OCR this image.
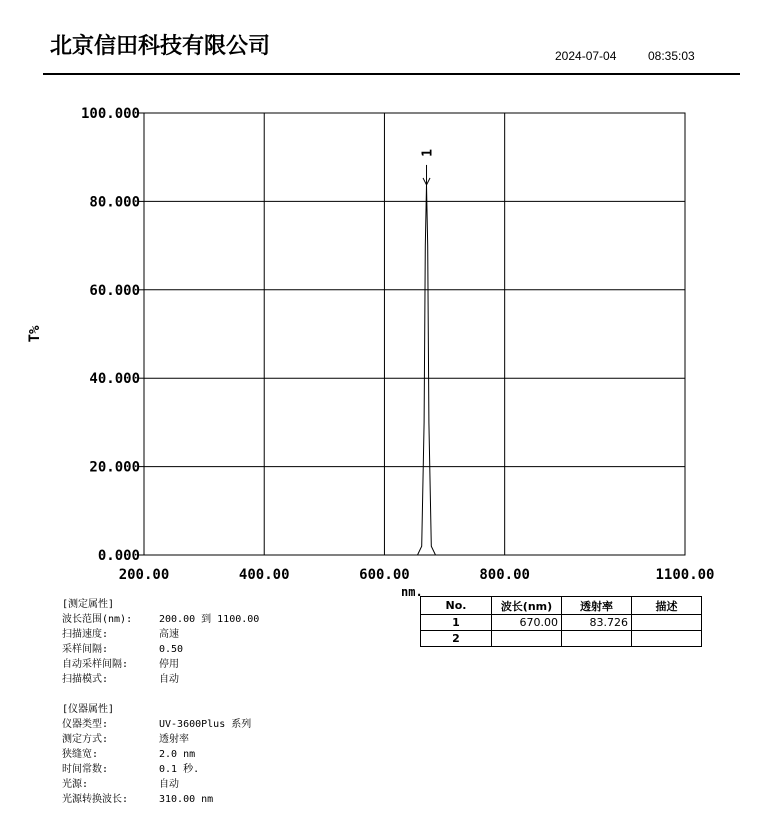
北京信田科技有限公司	2024-07-04	08:35:03
100.000
80.000
60.000
40.000
20.000
0.000
200.00	400.00	600.00	800.00	1100.00
1
T%
nm.
No.	波长(nm)	透射率	描述
1	670.00	83.726	
2			
[测定属性]
波长范围(nm):	200.00 到 1100.00
扫描速度:	高速
采样间隔:	0.50
自动采样间隔:	停用
扫描模式:	自动
[仪器属性]
仪器类型:	UV-3600Plus 系列
测定方式:	透射率
狭缝宽:	2.0 nm
时间常数:	0.1 秒.
光源:	自动
光源转换波长:	310.00 nm
